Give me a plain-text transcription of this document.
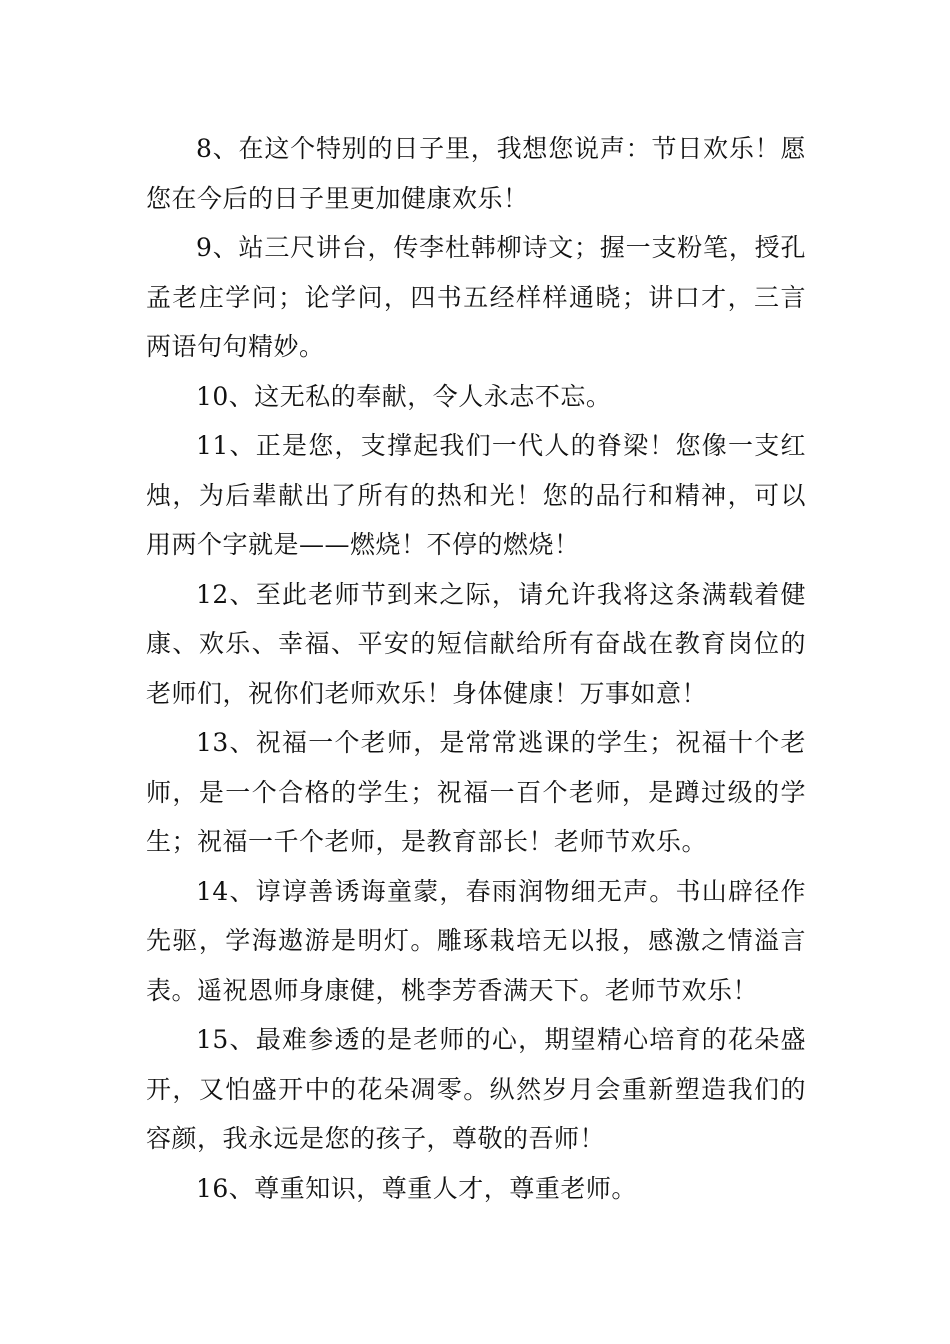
8、在这个特别的日子里，我想您说声：节日欢乐！愿您在今后的日子里更加健康欢乐！

9、站三尺讲台，传李杜韩柳诗文；握一支粉笔，授孔孟老庄学问；论学问，四书五经样样通晓；讲口才，三言两语句句精妙。

10、这无私的奉献，令人永志不忘。

11、正是您，支撑起我们一代人的脊梁！您像一支红烛，为后辈献出了所有的热和光！您的品行和精神，可以用两个字就是——燃烧！不停的燃烧！

12、至此老师节到来之际，请允许我将这条满载着健康、欢乐、幸福、平安的短信献给所有奋战在教育岗位的老师们，祝你们老师欢乐！身体健康！万事如意！

13、祝福一个老师，是常常逃课的学生；祝福十个老师，是一个合格的学生；祝福一百个老师，是蹲过级的学生；祝福一千个老师，是教育部长！老师节欢乐。

14、谆谆善诱诲童蒙，春雨润物细无声。书山辟径作先驱，学海遨游是明灯。雕琢栽培无以报，感激之情溢言表。遥祝恩师身康健，桃李芳香满天下。老师节欢乐！

15、最难参透的是老师的心，期望精心培育的花朵盛开，又怕盛开中的花朵凋零。纵然岁月会重新塑造我们的容颜，我永远是您的孩子，尊敬的吾师！

16、尊重知识，尊重人才，尊重老师。
